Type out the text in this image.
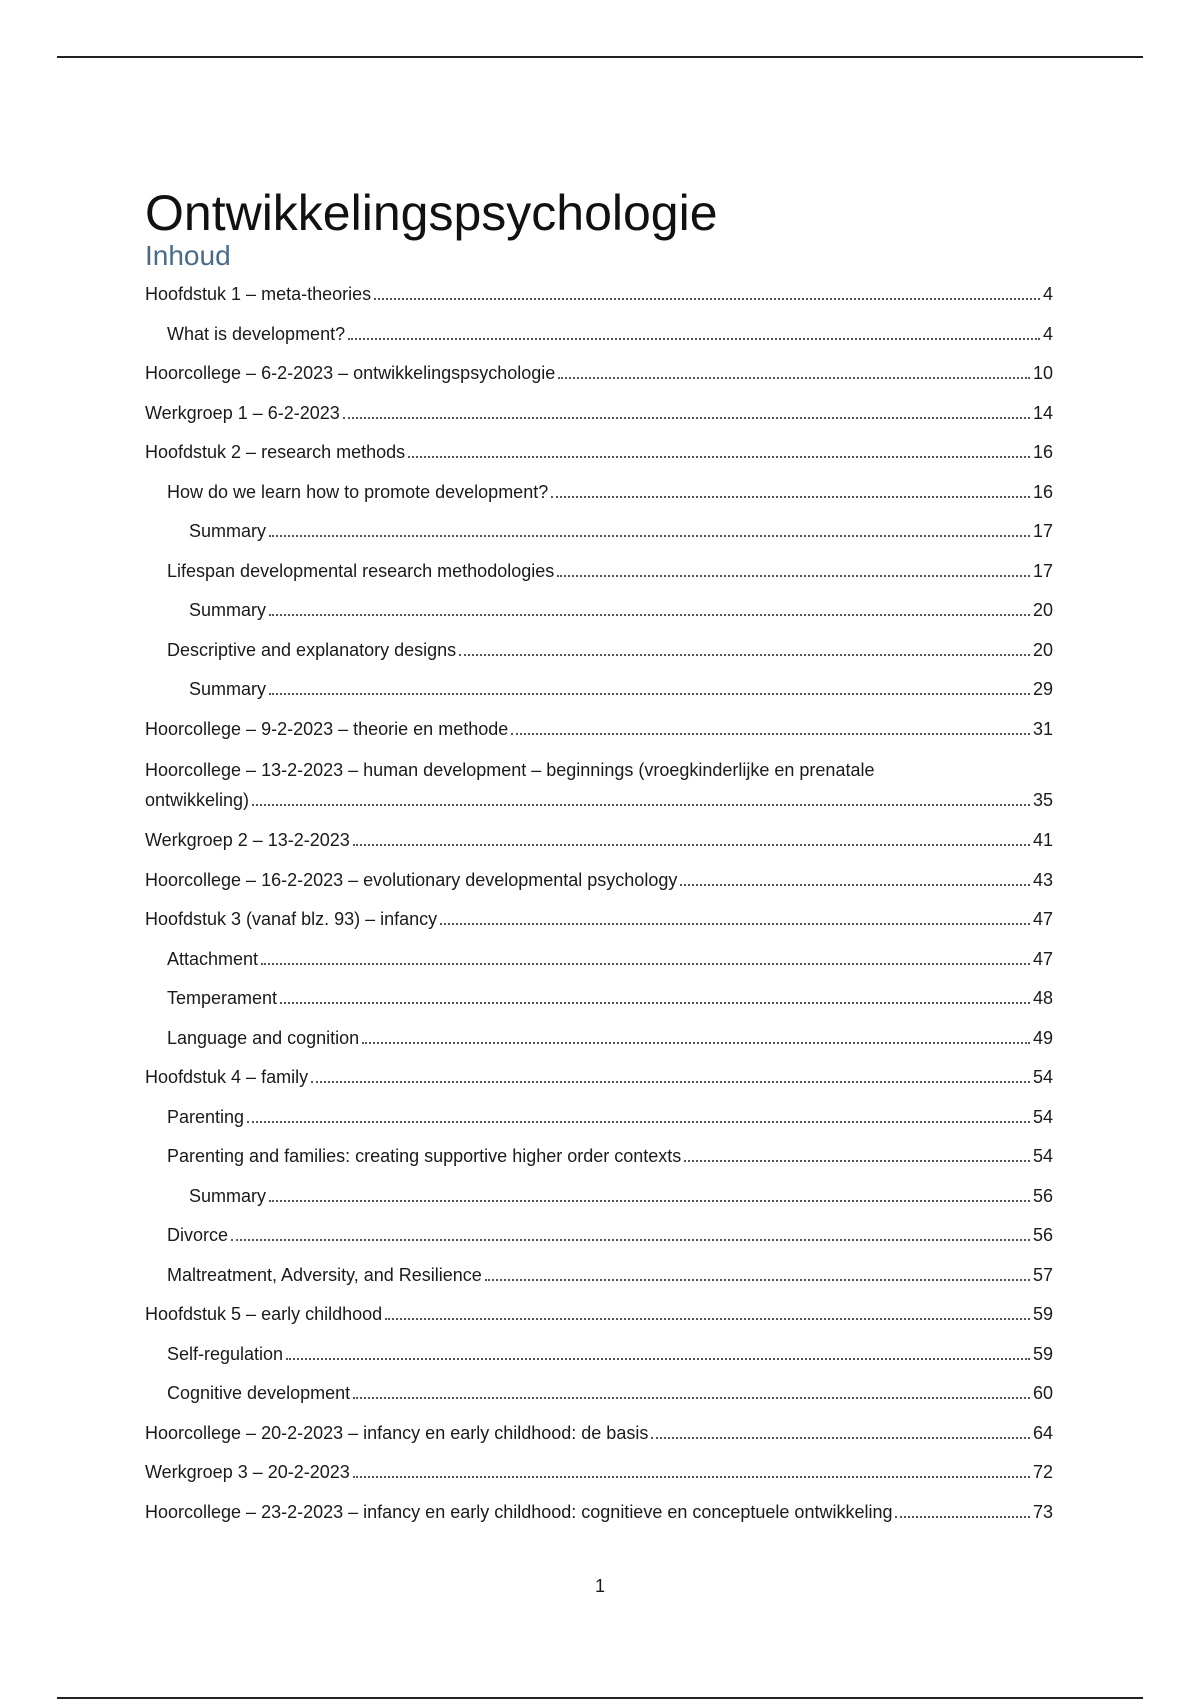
Ontwikkelingspsychologie
Inhoud
Hoofdstuk 1 – meta-theories	4
What is development?	4
Hoorcollege – 6-2-2023 – ontwikkelingspsychologie	10
Werkgroep 1 – 6-2-2023	14
Hoofdstuk 2 – research methods	16
How do we learn how to promote development?	16
Summary	17
Lifespan developmental research methodologies	17
Summary	20
Descriptive and explanatory designs	20
Summary	29
Hoorcollege – 9-2-2023 – theorie en methode	31
Hoorcollege – 13-2-2023 – human development – beginnings (vroegkinderlijke en prenatale
ontwikkeling)	35
Werkgroep 2 – 13-2-2023	41
Hoorcollege – 16-2-2023 – evolutionary developmental psychology	43
Hoofdstuk 3 (vanaf blz. 93) – infancy	47
Attachment	47
Temperament	48
Language and cognition	49
Hoofdstuk 4 – family	54
Parenting	54
Parenting and families: creating supportive higher order contexts	54
Summary	56
Divorce	56
Maltreatment, Adversity, and Resilience	57
Hoofdstuk 5 – early childhood	59
Self-regulation	59
Cognitive development	60
Hoorcollege – 20-2-2023 – infancy en early childhood: de basis	64
Werkgroep 3 – 20-2-2023	72
Hoorcollege – 23-2-2023 – infancy en early childhood: cognitieve en conceptuele ontwikkeling	73
1
